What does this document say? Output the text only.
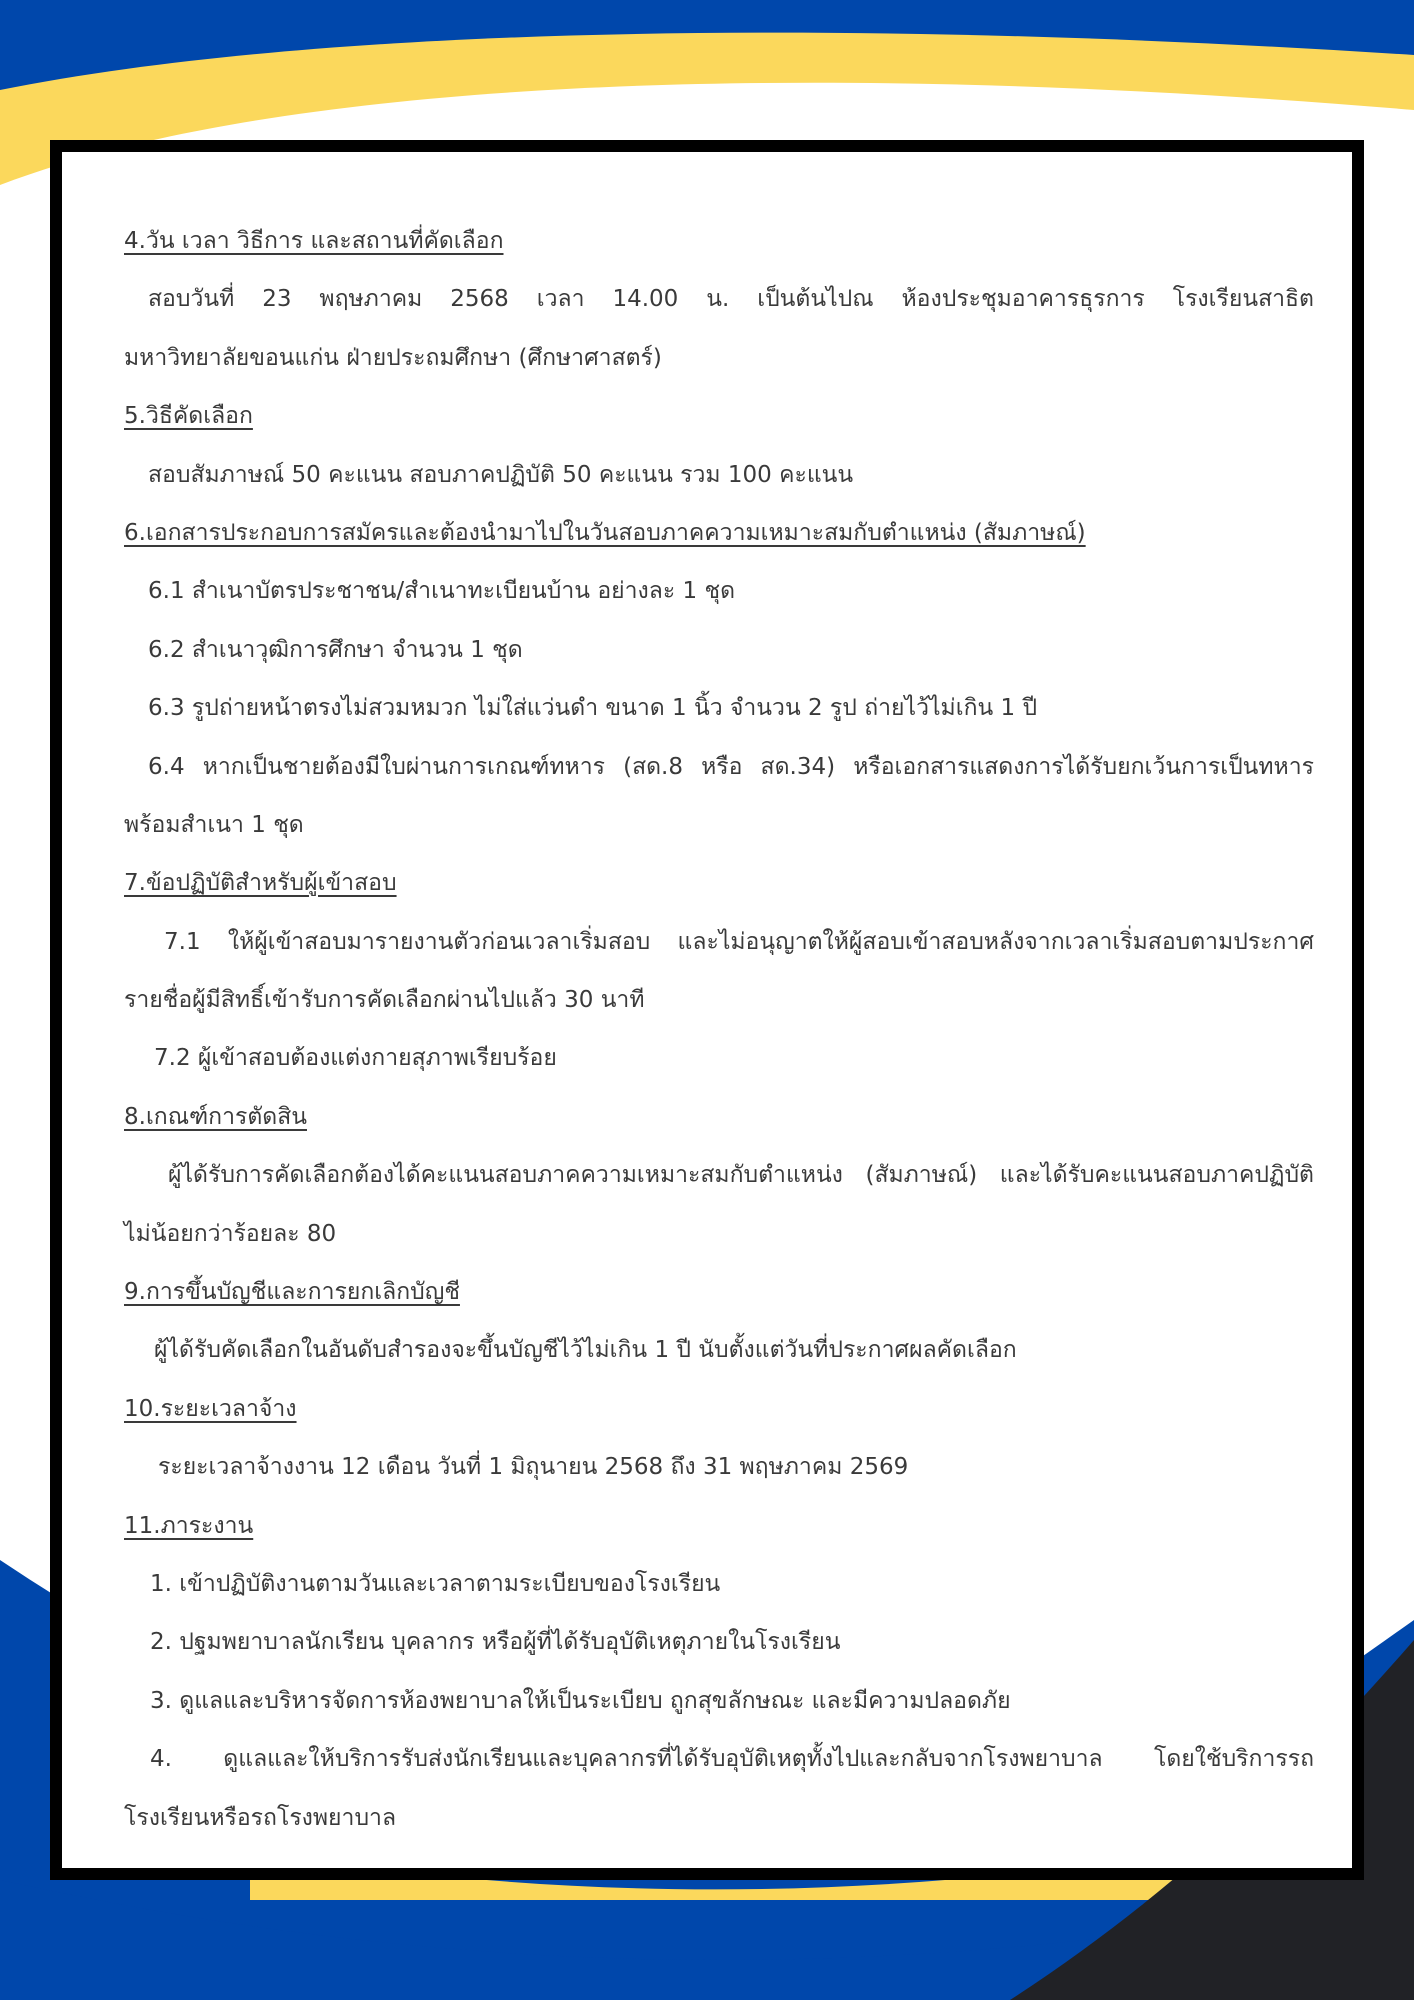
4.วัน เวลา วิธีการ และสถานที่คัดเลือก
สอบวันที่ 23 พฤษภาคม 2568 เวลา 14.00 น. เป็นต้นไปณ ห้องประชุมอาคารธุรการ โรงเรียนสาธิต
มหาวิทยาลัยขอนแก่น ฝ่ายประถมศึกษา (ศึกษาศาสตร์)
5.วิธีคัดเลือก
สอบสัมภาษณ์ 50 คะแนน สอบภาคปฏิบัติ 50 คะแนน รวม 100 คะแนน
6.เอกสารประกอบการสมัครและต้องนำมาไปในวันสอบภาคความเหมาะสมกับตำแหน่ง (สัมภาษณ์)
6.1 สำเนาบัตรประชาชน/สำเนาทะเบียนบ้าน อย่างละ 1 ชุด
6.2 สำเนาวุฒิการศึกษา จำนวน 1 ชุด
6.3 รูปถ่ายหน้าตรงไม่สวมหมวก ไม่ใส่แว่นดำ ขนาด 1 นิ้ว จำนวน 2 รูป ถ่ายไว้ไม่เกิน 1 ปี
6.4 หากเป็นชายต้องมีใบผ่านการเกณฑ์ทหาร (สด.8 หรือ สด.34) หรือเอกสารแสดงการได้รับยกเว้นการเป็นทหาร
พร้อมสำเนา 1 ชุด
7.ข้อปฏิบัติสำหรับผู้เข้าสอบ
7.1 ให้ผู้เข้าสอบมารายงานตัวก่อนเวลาเริ่มสอบ และไม่อนุญาตให้ผู้สอบเข้าสอบหลังจากเวลาเริ่มสอบตามประกาศ
รายชื่อผู้มีสิทธิ์เข้ารับการคัดเลือกผ่านไปแล้ว 30 นาที
7.2 ผู้เข้าสอบต้องแต่งกายสุภาพเรียบร้อย
8.เกณฑ์การตัดสิน
ผู้ได้รับการคัดเลือกต้องได้คะแนนสอบภาคความเหมาะสมกับตำแหน่ง (สัมภาษณ์) และได้รับคะแนนสอบภาคปฏิบัติ
ไม่น้อยกว่าร้อยละ 80
9.การขึ้นบัญชีและการยกเลิกบัญชี
ผู้ได้รับคัดเลือกในอันดับสำรองจะขึ้นบัญชีไว้ไม่เกิน 1 ปี นับตั้งแต่วันที่ประกาศผลคัดเลือก
10.ระยะเวลาจ้าง
ระยะเวลาจ้างงาน 12 เดือน วันที่ 1 มิถุนายน 2568 ถึง 31 พฤษภาคม 2569
11.ภาระงาน
1. เข้าปฏิบัติงานตามวันและเวลาตามระเบียบของโรงเรียน
2. ปฐมพยาบาลนักเรียน บุคลากร หรือผู้ที่ได้รับอุบัติเหตุภายในโรงเรียน
3. ดูแลและบริหารจัดการห้องพยาบาลให้เป็นระเบียบ ถูกสุขลักษณะ และมีความปลอดภัย
4. ดูแลและให้บริการรับส่งนักเรียนและบุคลากรที่ได้รับอุบัติเหตุทั้งไปและกลับจากโรงพยาบาล โดยใช้บริการรถ
โรงเรียนหรือรถโรงพยาบาล
